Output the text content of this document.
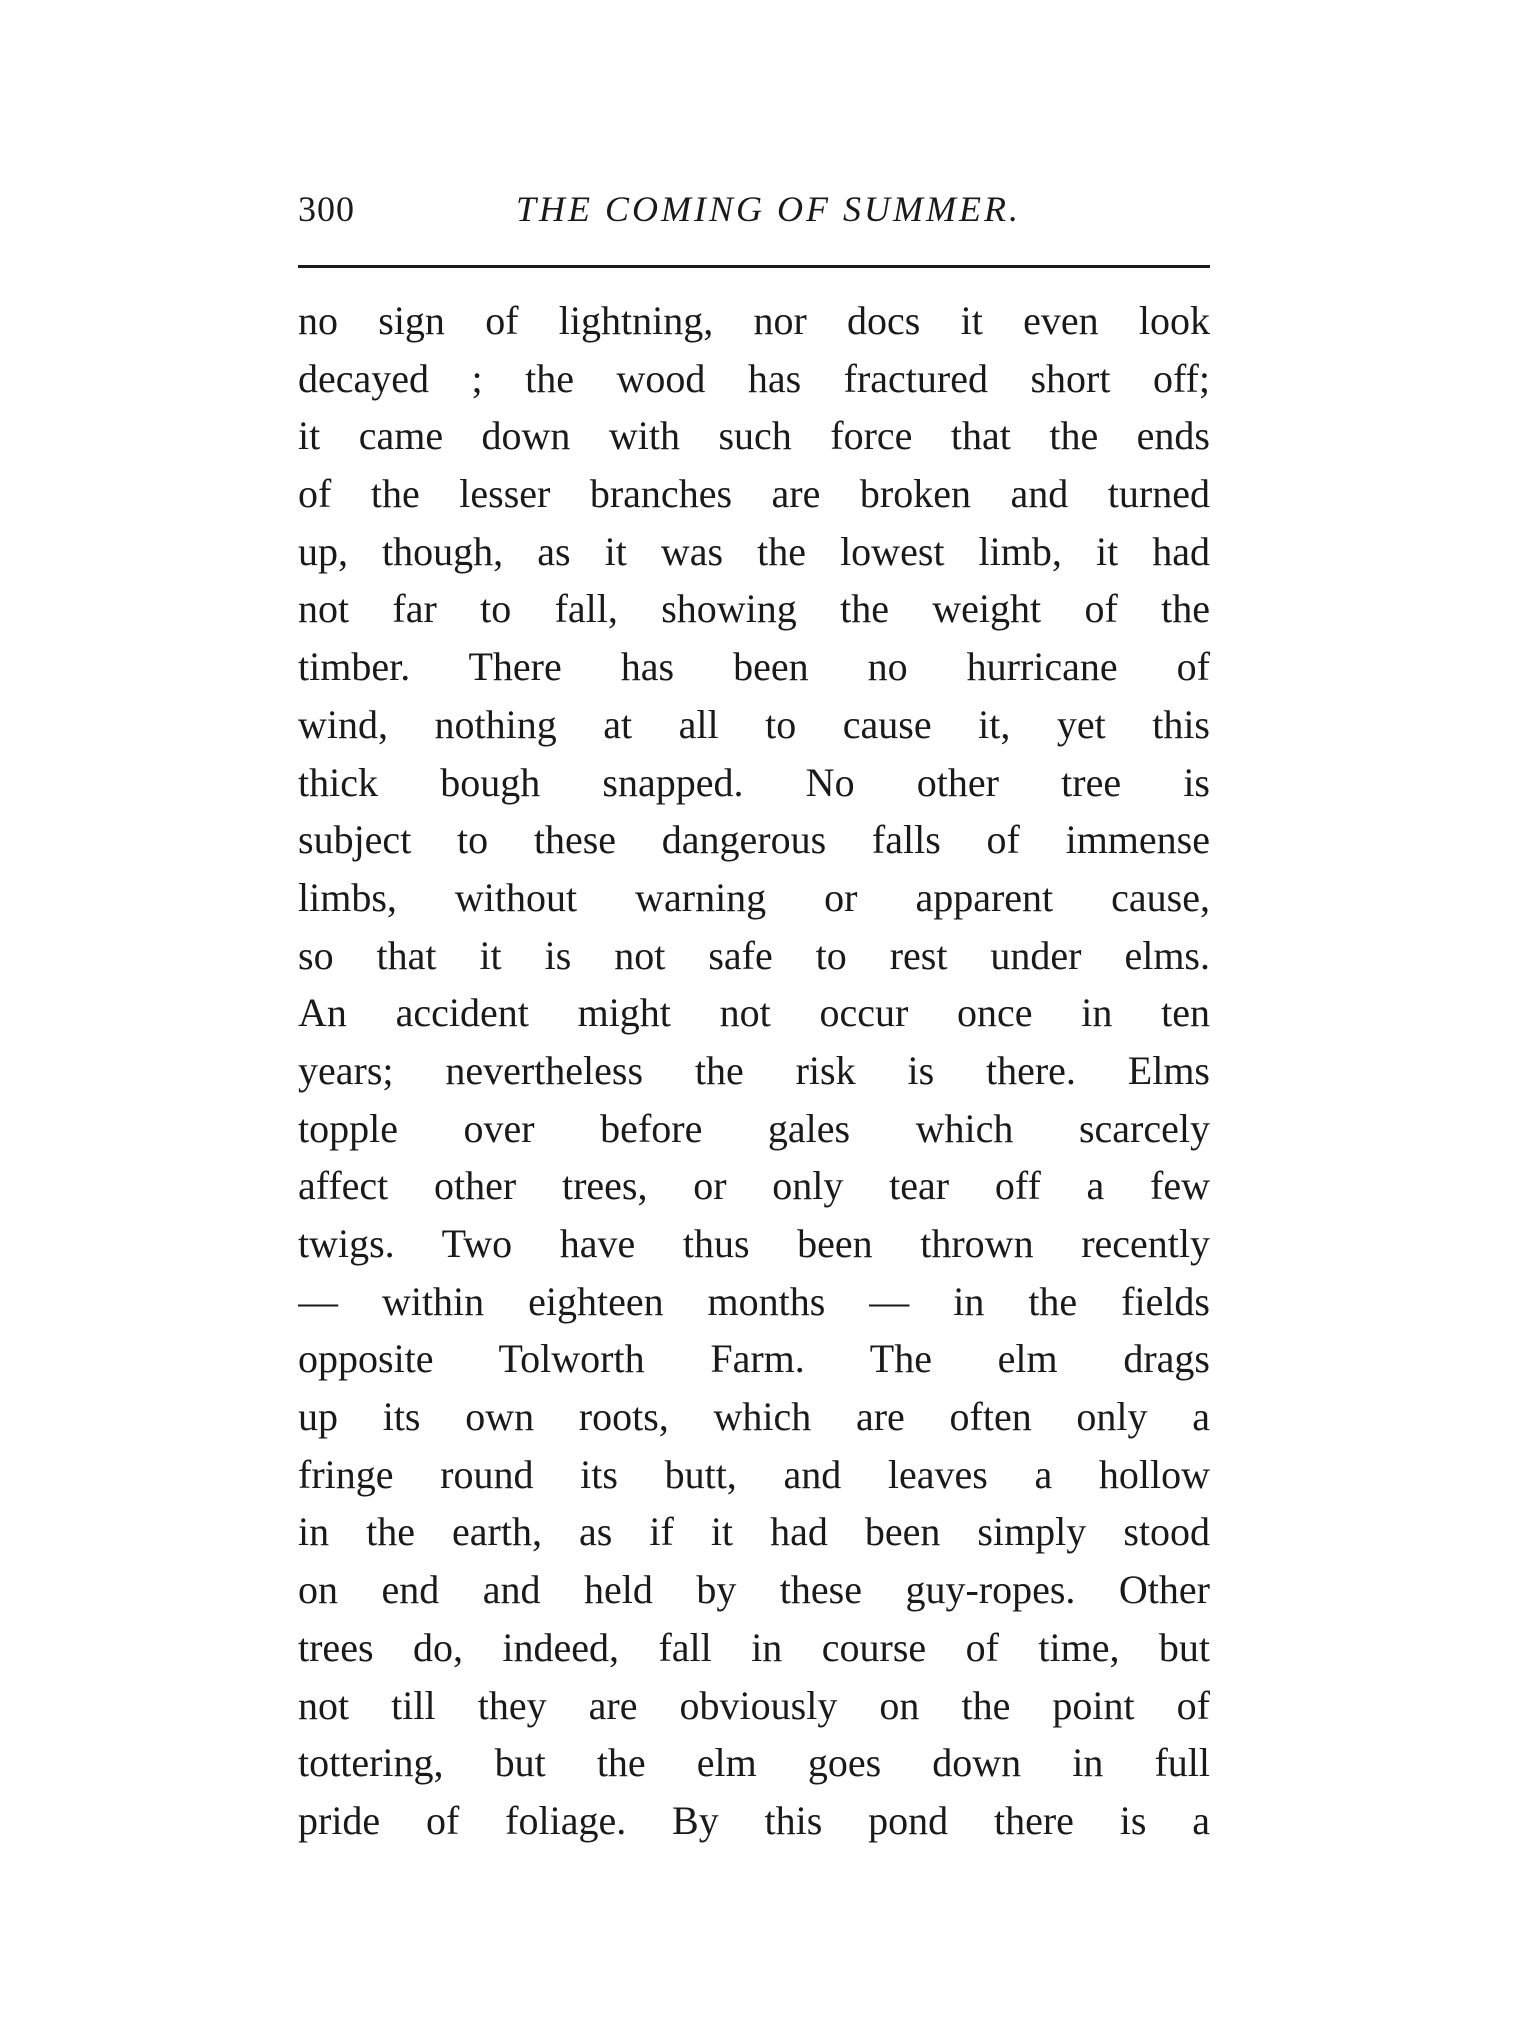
300	THE COMING OF SUMMER.
no sign of lightning, nor docs it even look
decayed ; the wood has fractured short off;
it came down with such force that the ends
of the lesser branches are broken and turned
up, though, as it was the lowest limb, it had
not far to fall, showing the weight of the
timber. There has been no hurricane of
wind, nothing at all to cause it, yet this
thick bough snapped. No other tree is
subject to these dangerous falls of immense
limbs, without warning or apparent cause,
so that it is not safe to rest under elms.
An accident might not occur once in ten
years; nevertheless the risk is there. Elms
topple over before gales which scarcely
affect other trees, or only tear off a few
twigs. Two have thus been thrown recently
— within eighteen months — in the fields
opposite Tolworth Farm. The elm drags
up its own roots, which are often only a
fringe round its butt, and leaves a hollow
in the earth, as if it had been simply stood
on end and held by these guy-ropes. Other
trees do, indeed, fall in course of time, but
not till they are obviously on the point of
tottering, but the elm goes down in full
pride of foliage. By this pond there is a
